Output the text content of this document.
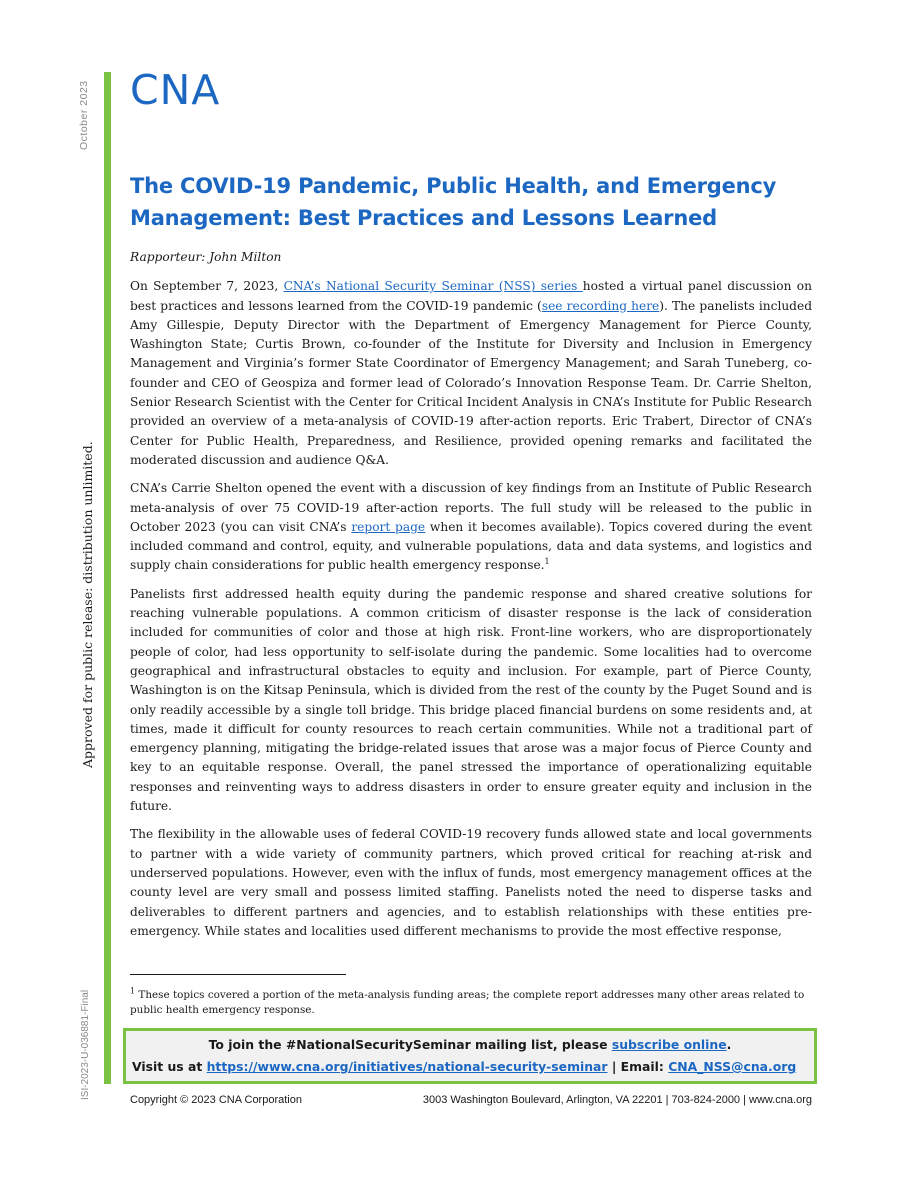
October 2023
Approved for public release: distribution unlimited.
ISI-2023-U-036881-Final
CNA
The COVID-19 Pandemic, Public Health, and Emergency Management: Best Practices and Lessons Learned

Rapporteur: John Milton

On September 7, 2023, CNA’s National Security Seminar (NSS) series hosted a virtual panel discussion on best practices and lessons learned from the COVID-19 pandemic (see recording here). The panelists included Amy Gillespie, Deputy Director with the Department of Emergency Management for Pierce County, Washington State; Curtis Brown, co-founder of the Institute for Diversity and Inclusion in Emergency Management and Virginia’s former State Coordinator of Emergency Management; and Sarah Tuneberg, co-founder and CEO of Geospiza and former lead of Colorado’s Innovation Response Team. Dr. Carrie Shelton, Senior Research Scientist with the Center for Critical Incident Analysis in CNA’s Institute for Public Research provided an overview of a meta-analysis of COVID-19 after-action reports. Eric Trabert, Director of CNA’s Center for Public Health, Preparedness, and Resilience, provided opening remarks and facilitated the moderated discussion and audience Q&A.

CNA’s Carrie Shelton opened the event with a discussion of key findings from an Institute of Public Research meta-analysis of over 75 COVID-19 after-action reports. The full study will be released to the public in October 2023 (you can visit CNA’s report page when it becomes available). Topics covered during the event included command and control, equity, and vulnerable populations, data and data systems, and logistics and supply chain considerations for public health emergency response.$^1$

Panelists first addressed health equity during the pandemic response and shared creative solutions for reaching vulnerable populations. A common criticism of disaster response is the lack of consideration included for communities of color and those at high risk. Front-line workers, who are disproportionately people of color, had less opportunity to self-isolate during the pandemic. Some localities had to overcome geographical and infrastructural obstacles to equity and inclusion. For example, part of Pierce County, Washington is on the Kitsap Peninsula, which is divided from the rest of the county by the Puget Sound and is only readily accessible by a single toll bridge. This bridge placed financial burdens on some residents and, at times, made it difficult for county resources to reach certain communities. While not a traditional part of emergency planning, mitigating the bridge-related issues that arose was a major focus of Pierce County and key to an equitable response. Overall, the panel stressed the importance of operationalizing equitable responses and reinventing ways to address disasters in order to ensure greater equity and inclusion in the future.

The flexibility in the allowable uses of federal COVID-19 recovery funds allowed state and local governments to partner with a wide variety of community partners, which proved critical for reaching at-risk and underserved populations. However, even with the influx of funds, most emergency management offices at the county level are very small and possess limited staffing. Panelists noted the need to disperse tasks and deliverables to different partners and agencies, and to establish relationships with these entities pre-emergency. While states and localities used different mechanisms to provide the most effective response,

$^1$ These topics covered a portion of the meta-analysis funding areas; the complete report addresses many other areas related to public health emergency response.
To join the #NationalSecuritySeminar mailing list, please subscribe online.
Visit us at https://www.cna.org/initiatives/national-security-seminar | Email: CNA_NSS@cna.org
Copyright © 2023 CNA Corporation	3003 Washington Boulevard, Arlington, VA 22201 | 703-824-2000 | www.cna.org
